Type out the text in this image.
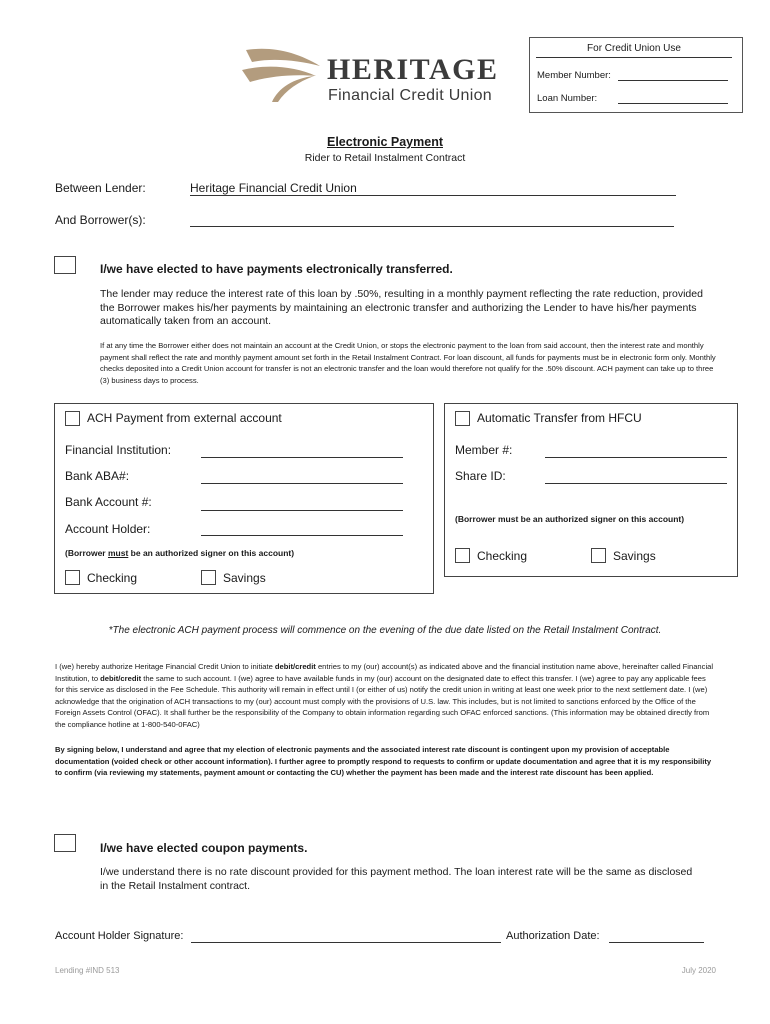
HERITAGE
Financial Credit Union
For Credit Union Use
Member Number:
Loan Number:
Electronic Payment
Rider to Retail Instalment Contract
Between Lender:	Heritage Financial Credit Union
And Borrower(s):
I/we have elected to have payments electronically transferred.
The lender may reduce the interest rate of this loan by .50%, resulting in a monthly payment reflecting the rate reduction, provided the Borrower makes his/her payments by maintaining an electronic transfer and authorizing the Lender to have his/her payments automatically taken from an account.
If at any time the Borrower either does not maintain an account at the Credit Union, or stops the electronic payment to the loan from said account, then the interest rate and monthly payment shall reflect the rate and monthly payment amount set forth in the Retail Instalment Contract. For loan discount, all funds for payments must be in electronic form only. Monthly checks deposited into a Credit Union account for transfer is not an electronic transfer and the loan would therefore not qualify for the .50% discount. ACH payment can take up to three (3) business days to process.
ACH Payment from external account
Financial Institution:
Bank ABA#:
Bank Account #:
Account Holder:
(Borrower must be an authorized signer on this account)
Checking	Savings
Automatic Transfer from HFCU
Member #:
Share ID:
(Borrower must be an authorized signer on this account)
Checking	Savings
*The electronic ACH payment process will commence on the evening of the due date listed on the Retail Instalment Contract.
I (we) hereby authorize Heritage Financial Credit Union to initiate debit/credit entries to my (our) account(s) as indicated above and the financial institution name above, hereinafter called Financial Institution, to debit/credit the same to such account. I (we) agree to have available funds in my (our) account on the designated date to effect this transfer. I (we) agree to pay any applicable fees for this service as disclosed in the Fee Schedule. This authority will remain in effect until I (or either of us) notify the credit union in writing at least one week prior to the next settlement date. I (we) acknowledge that the origination of ACH transactions to my (our) account must comply with the provisions of U.S. law. This includes, but is not limited to sanctions enforced by the Office of the Foreign Assets Control (OFAC). It shall further be the responsibility of the Company to obtain information regarding such OFAC enforced sanctions. (This information may be obtained directly from the compliance hotline at 1-800-540-0FAC)
By signing below, I understand and agree that my election of electronic payments and the associated interest rate discount is contingent upon my provision of acceptable documentation (voided check or other account information). I further agree to promptly respond to requests to confirm or update documentation and agree that it is my responsibility to confirm (via reviewing my statements, payment amount or contacting the CU) whether the payment has been made and the interest rate discount has been applied.
I/we have elected coupon payments.
I/we understand there is no rate discount provided for this payment method. The loan interest rate will be the same as disclosed in the Retail Instalment contract.
Account Holder Signature:	Authorization Date:
Lending #IND 513	July 2020
